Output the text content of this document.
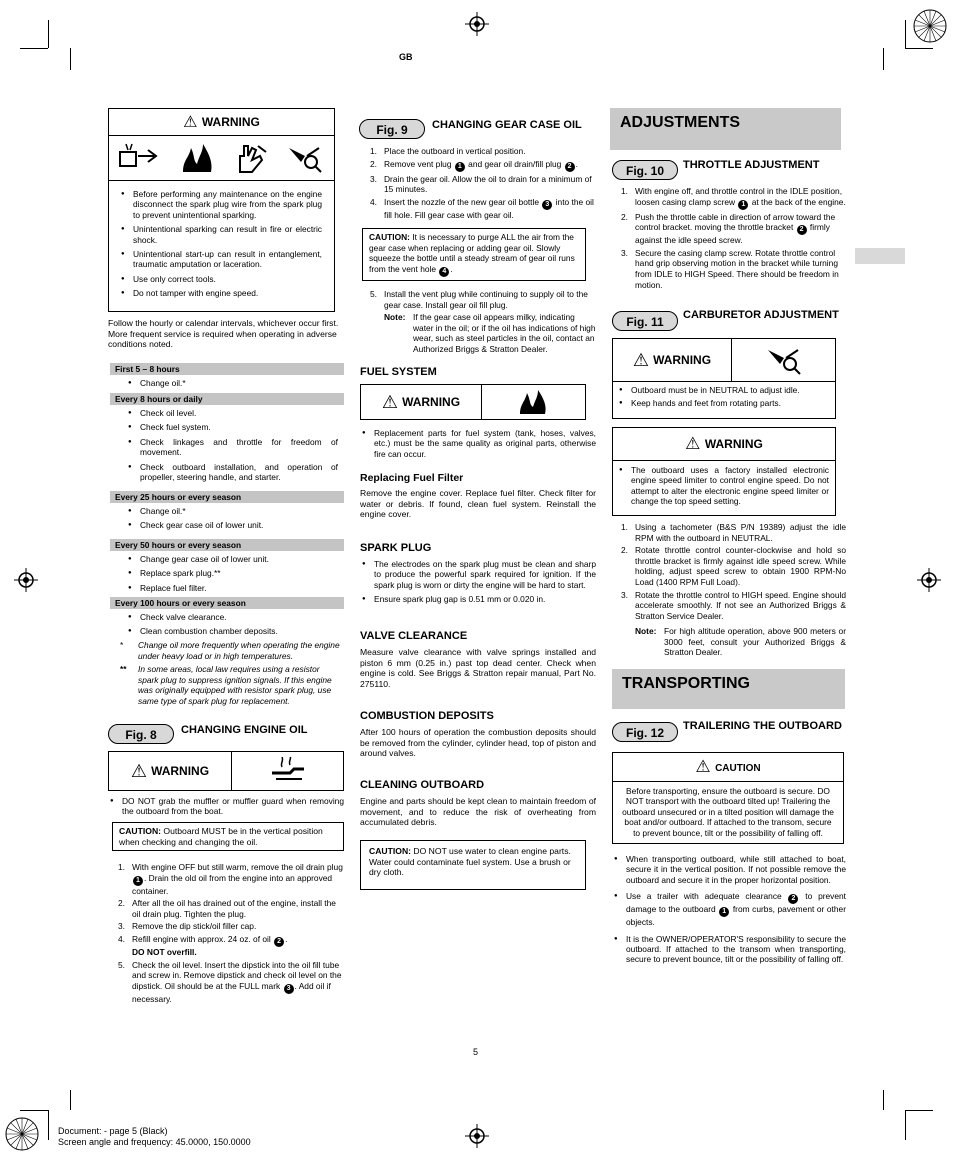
GB
⚠ WARNING
● Before performing any maintenance on the engine disconnect the spark plug wire from the spark plug to prevent unintentional sparking.
● Unintentional sparking can result in fire or electric shock.
● Unintentional start-up can result in entanglement, traumatic amputation or laceration.
● Use only correct tools.
● Do not tamper with engine speed.
Follow the hourly or calendar intervals, whichever occur first. More frequent service is required when operating in adverse conditions noted.
First 5 – 8 hours
● Change oil.*
Every 8 hours or daily
● Check oil level.
● Check fuel system.
● Check linkages and throttle for freedom of movement.
● Check outboard installation, and operation of propeller, steering handle, and starter.
Every 25 hours or every season
● Change oil.*
● Check gear case oil of lower unit.
Every 50 hours or every season
● Change gear case oil of lower unit.
● Replace spark plug.**
● Replace fuel filter.
Every 100 hours or every season
● Check valve clearance.
● Clean combustion chamber deposits.
* Change oil more frequently when operating the engine under heavy load or in high temperatures.
** In some areas, local law requires using a resistor spark plug to suppress ignition signals. If this engine was originally equipped with resistor spark plug, use same type of spark plug for replacement.
Fig. 8	CHANGING ENGINE OIL
⚠ WARNING
● DO NOT grab the muffler or muffler guard when removing the outboard from the boat.
CAUTION: Outboard MUST be in the vertical position when checking and changing the oil.
1. With engine OFF but still warm, remove the oil drain plug 1 . Drain the old oil from the engine into an approved container.
2. After all the oil has drained out of the engine, install the oil drain plug. Tighten the plug.
3. Remove the dip stick/oil filler cap.
4. Refill engine with approx. 24 oz. of oil 2 .
DO NOT overfill.
5. Check the oil level. Insert the dipstick into the oil fill tube and screw in. Remove dipstick and check oil level on the dipstick. Oil should be at the FULL mark 3 . Add oil if necessary.
Fig. 9	CHANGING GEAR CASE OIL
1. Place the outboard in vertical position.
2. Remove vent plug 1 and gear oil drain/fill plug 2 .
3. Drain the gear oil. Allow the oil to drain for a minimum of 15 minutes.
4. Insert the nozzle of the new gear oil bottle 3 into the oil fill hole. Fill gear case with gear oil.
CAUTION: It is necessary to purge ALL the air from the gear case when replacing or adding gear oil. Slowly squeeze the bottle until a steady stream of gear oil runs from the vent hole 4 .
5. Install the vent plug while continuing to supply oil to the gear case. Install gear oil fill plug.
Note: If the gear case oil appears milky, indicating water in the oil; or if the oil has indications of high wear, such as steel particles in the oil, contact an Authorized Briggs & Stratton Dealer.
FUEL SYSTEM
⚠ WARNING
● Replacement parts for fuel system (tank, hoses, valves, etc.) must be the same quality as original parts, otherwise fire can occur.
Replacing Fuel Filter
Remove the engine cover. Replace fuel filter. Check filter for water or debris. If found, clean fuel system. Reinstall the engine cover.
SPARK PLUG
● The electrodes on the spark plug must be clean and sharp to produce the powerful spark required for ignition. If the spark plug is worn or dirty the engine will be hard to start.
● Ensure spark plug gap is 0.51 mm or 0.020 in.
VALVE CLEARANCE
Measure valve clearance with valve springs installed and piston 6 mm (0.25 in.) past top dead center. Check when engine is cold. See Briggs & Stratton repair manual, Part No. 275110.
COMBUSTION DEPOSITS
After 100 hours of operation the combustion deposits should be removed from the cylinder, cylinder head, top of piston and around valves.
CLEANING OUTBOARD
Engine and parts should be kept clean to maintain freedom of movement, and to reduce the risk of overheating from accumulated debris.
CAUTION: DO NOT use water to clean engine parts. Water could contaminate fuel system. Use a brush or dry cloth.
ADJUSTMENTS
Fig. 10	THROTTLE ADJUSTMENT
1. With engine off, and throttle control in the IDLE position, loosen casing clamp screw 1 at the back of the engine.
2. Push the throttle cable in direction of arrow toward the control bracket. moving the throttle bracket 2 firmly against the idle speed screw.
3. Secure the casing clamp screw. Rotate throttle control hand grip observing motion in the bracket while turning from IDLE to HIGH Speed. There should be freedom in motion.
Fig. 11	CARBURETOR ADJUSTMENT
⚠ WARNING
● Outboard must be in NEUTRAL to adjust idle.
● Keep hands and feet from rotating parts.
⚠ WARNING
● The outboard uses a factory installed electronic engine speed limiter to control engine speed. Do not attempt to alter the electronic engine speed limiter or change the top speed setting.
1. Using a tachometer (B&S P/N 19389) adjust the idle RPM with the outboard in NEUTRAL.
2. Rotate throttle control counter-clockwise and hold so throttle bracket is firmly against idle speed screw. While holding, adjust speed screw to obtain 1900 RPM-No Load (1400 RPM Full Load).
3. Rotate the throttle control to HIGH speed. Engine should accelerate smoothly. If not see an Authorized Briggs & Stratton Service Dealer.
Note: For high altitude operation, above 900 meters or 3000 feet, consult your Authorized Briggs & Stratton Dealer.
TRANSPORTING
Fig. 12	TRAILERING THE OUTBOARD
⚠ CAUTION
Before transporting, ensure the outboard is secure. DO NOT transport with the outboard tilted up! Trailering the outboard unsecured or in a tilted position will damage the boat and/or outboard. If attached to the transom, secure to prevent bounce, tilt or the possibility of falling off.
● When transporting outboard, while still attached to boat, secure it in the vertical position. If not possible remove the outboard and secure it in the proper horizontal position.
● Use a trailer with adequate clearance 2 to prevent damage to the outboard 1 from curbs, pavement or other objects.
● It is the OWNER/OPERATOR'S responsibility to secure the outboard. If attached to the transom when transporting, secure to prevent bounce, tilt or the possibility of falling off.
5
Document: - page 5 (Black)
Screen angle and frequency: 45.0000, 150.0000
